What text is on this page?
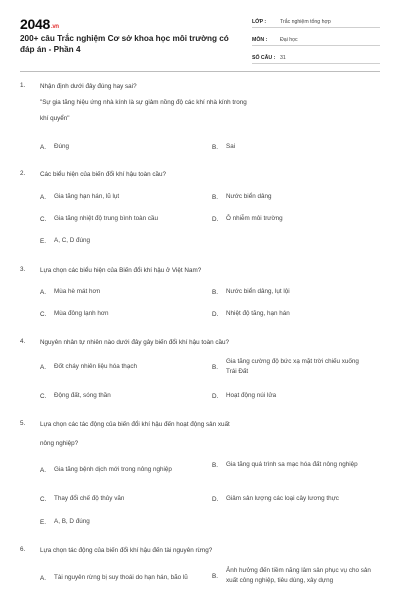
2048.vn
200+ câu Trắc nghiệm Cơ sở khoa học môi trường có đáp án - Phần 4
LỚP :	Trắc nghiệm tổng hợp
MÔN :	Đại học
SỐ CÂU : 31
1. Nhận định dưới đây đúng hay sai?
"Sự gia tăng hiệu ứng nhà kính là sự giảm nồng độ các khí nhà kính trong
khí quyển"
A.	Đúng	B.	Sai
2. Các biểu hiện của biến đổi khí hậu toàn cầu?
A.	Gia tăng hạn hán, lũ lụt	B.	Nước biển dâng
C.	Gia tăng nhiệt độ trung bình toàn cầu	D.	Ô nhiễm môi trường
E.	A, C, D đúng
3. Lựa chọn các biểu hiện của Biến đổi khí hậu ở Việt Nam?
A.	Mùa hè mát hơn	B.	Nước biển dâng, lụt lội
C.	Mùa đông lạnh hơn	D.	Nhiệt độ tăng, hạn hán
4. Nguyên nhân tự nhiên nào dưới đây gây biến đổi khí hậu toàn cầu?
A.	Đốt cháy nhiên liệu hóa thạch	B.
Gia tăng cường độ bức xạ mặt trời chiếu xuống Trái Đất
C.	Động đất, sóng thần	D.	Hoạt động núi lửa
5. Lựa chọn các tác động của biến đổi khí hậu đến hoạt động sản xuất
nông nghiệp?
A.	Gia tăng bệnh dịch mới trong nông nghiệp
B.	Gia tăng quá trình sa mạc hóa đất nông nghiệp
C.	Thay đổi chế độ thủy văn	D.	Giảm sản lượng các loại cây lương thực
E.	A, B, D đúng
6. Lựa chọn tác động của biến đổi khí hậu đến tài nguyên rừng?
A.	Tài nguyên rừng bị suy thoái do hạn hán, bão lũ	B.
Ảnh hưởng đến tiềm năng lâm sản phục vụ cho sản xuất công nghiệp, tiêu dùng, xây dựng
